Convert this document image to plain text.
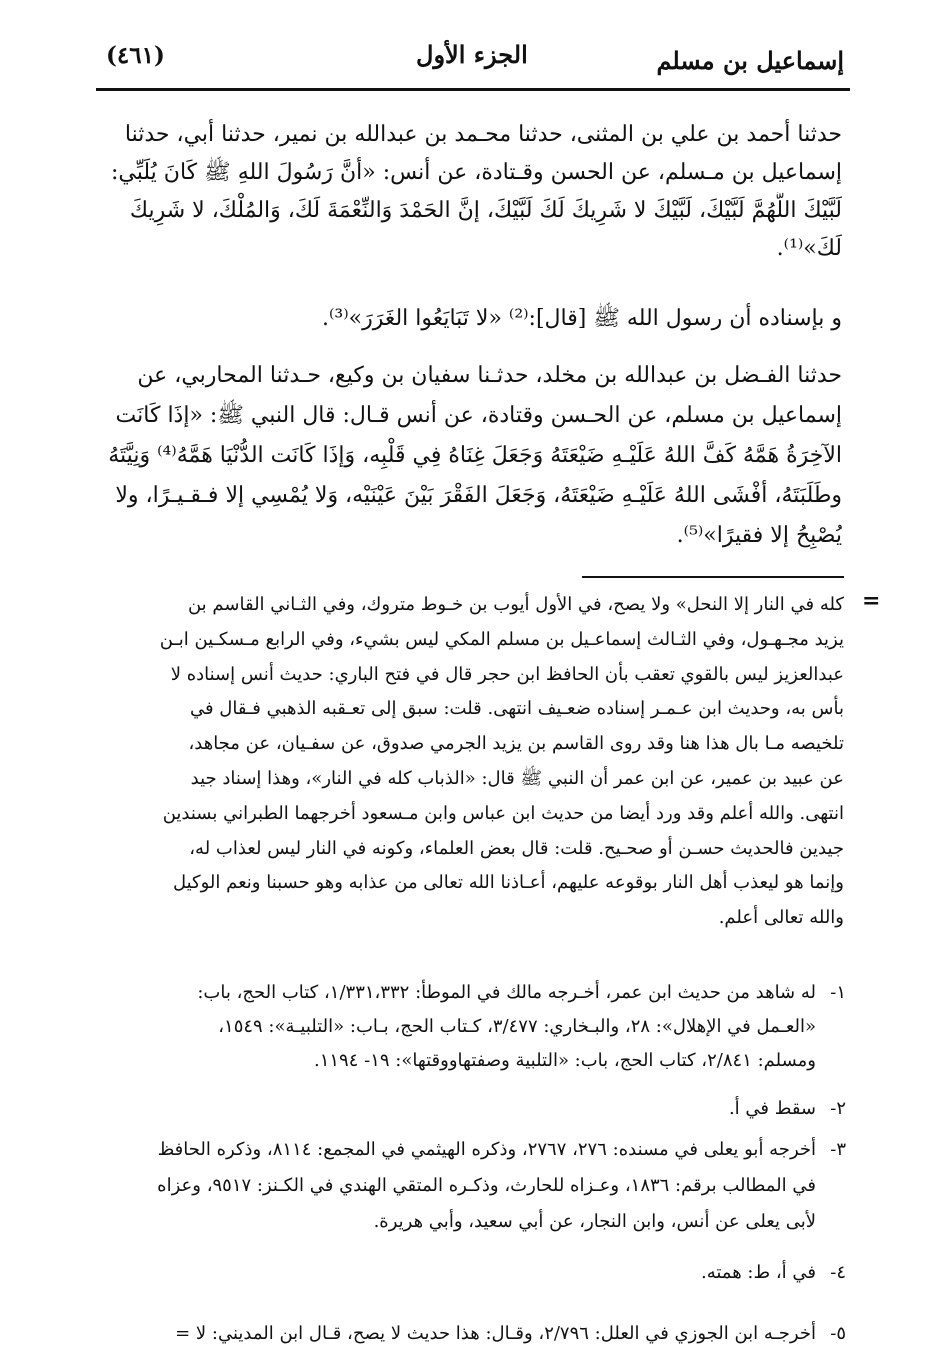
إسماعيل بن مسلم
الجزء الأول
(٤٦١)
حدثنا أحمد بن علي بن المثنى، حدثنا محـمد بن عبدالله بن نمير، حدثنا أبي، حدثنا
إسماعيل بن مـسلم، عن الحسن وقـتادة، عن أنس: «أنَّ رَسُولَ اللهِ ﷺ كَانَ يُلَبِّي:
لَبَّيْكَ اللَّهُمَّ لَبَّيْكَ، لَبَّيْكَ لا شَرِيكَ لَكَ لَبَّيْكَ، إنَّ الحَمْدَ وَالنِّعْمَةَ لَكَ، وَالمُلْكَ، لا شَرِيكَ
لَكَ»⁽¹⁾.
و بإسناده أن رسول الله ﷺ [قال]:⁽²⁾ «لا تَبَايَعُوا الغَرَرَ»⁽³⁾.
حدثنا الفـضل بن عبدالله بن مخلد، حدثـنا سفيان بن وكيع، حـدثنا المحاربي، عن
إسماعيل بن مسلم، عن الحـسن وقتادة، عن أنس قـال: قال النبي ﷺ: «إذَا كَانَت
الآخِرَةُ هَمَّهُ كَفَّ اللهُ عَلَيْـهِ ضَيْعَتَهُ وَجَعَلَ غِنَاهُ فِي قَلْبِه، وَإذَا كَانَت الدُّنْيَا هَمَّهُ⁽⁴⁾ وَنِيَّتَهُ
وطَلَبَتَهُ، أفْشَى اللهُ عَلَيْـهِ ضَيْعَتَهُ، وَجَعَلَ الفَقْرَ بَيْنَ عَيْنَيْه، وَلا يُمْسِي إلا فـقـيـرًا، ولا
يُصْبِحُ إلا فقيرًا»⁽⁵⁾.
=
كله في النار إلا النحل» ولا يصح، في الأول أيوب بن خـوط متروك، وفي الثـاني القاسم بن
يزيد مجـهـول، وفي الثـالث إسماعـيل بن مسلم المكي ليس بشيء، وفي الرابع مـسكـين ابـن
عبدالعزيز ليس بالقوي تعقب بأن الحافظ ابن حجر قال في فتح الباري: حديث أنس إسناده لا
بأس به، وحديث ابن عـمـر إسناده ضعـيف انتهى. قلت: سبق إلى تعـقبه الذهبي فـقال في
تلخيصه مـا بال هذا هنا وقد روى القاسم بن يزيد الجرمي صدوق، عن سفـيان، عن مجاهد،
عن عبيد بن عمير، عن ابن عمر أن النبي ﷺ قال: «الذباب كله في النار»، وهذا إسناد جيد
انتهى. والله أعلم وقد ورد أيضا من حديث ابن عباس وابن مـسعود أخرجهما الطبراني بسندين
جيدين فالحديث حسـن أو صحـيح. قلت: قال بعض العلماء، وكونه في النار ليس لعذاب له،
وإنما هو ليعذب أهل النار بوقوعه عليهم، أعـاذنا الله تعالى من عذابه وهو حسبنا ونعم الوكيل
والله تعالى أعلم.
١-
له شاهد من حديث ابن عمر، أخـرجه مالك في الموطأ: ١/٣٣١،٣٣٢، كتاب الحج، باب:
«العـمل في الإهلال»: ٢٨، والبـخاري: ٣/٤٧٧، كـتاب الحج، بـاب: «التلبيـة»: ١٥٤٩،
ومسلم: ٢/٨٤١، كتاب الحج، باب: «التلبية وصفتهاووقتها»: ١٩- ١١٩٤.
٢-
سقط في أ.
٣-
أخرجه أبو يعلى في مسنده: ٢٧٦، ٢٧٦٧، وذكره الهيثمي في المجمع: ٨١١٤، وذكره الحافظ
في المطالب برقم: ١٨٣٦، وعـزاه للحارث، وذكـره المتقي الهندي في الكـنز: ٩٥١٧، وعزاه
لأبى يعلى عن أنس، وابن النجار، عن أبي سعيد، وأبي هريرة.
٤-
في أ، ط: همته.
٥-
أخرجـه ابن الجوزي في العلل: ٢/٧٩٦، وقـال: هذا حديث لا يصح، قـال ابن المديني: لا =
